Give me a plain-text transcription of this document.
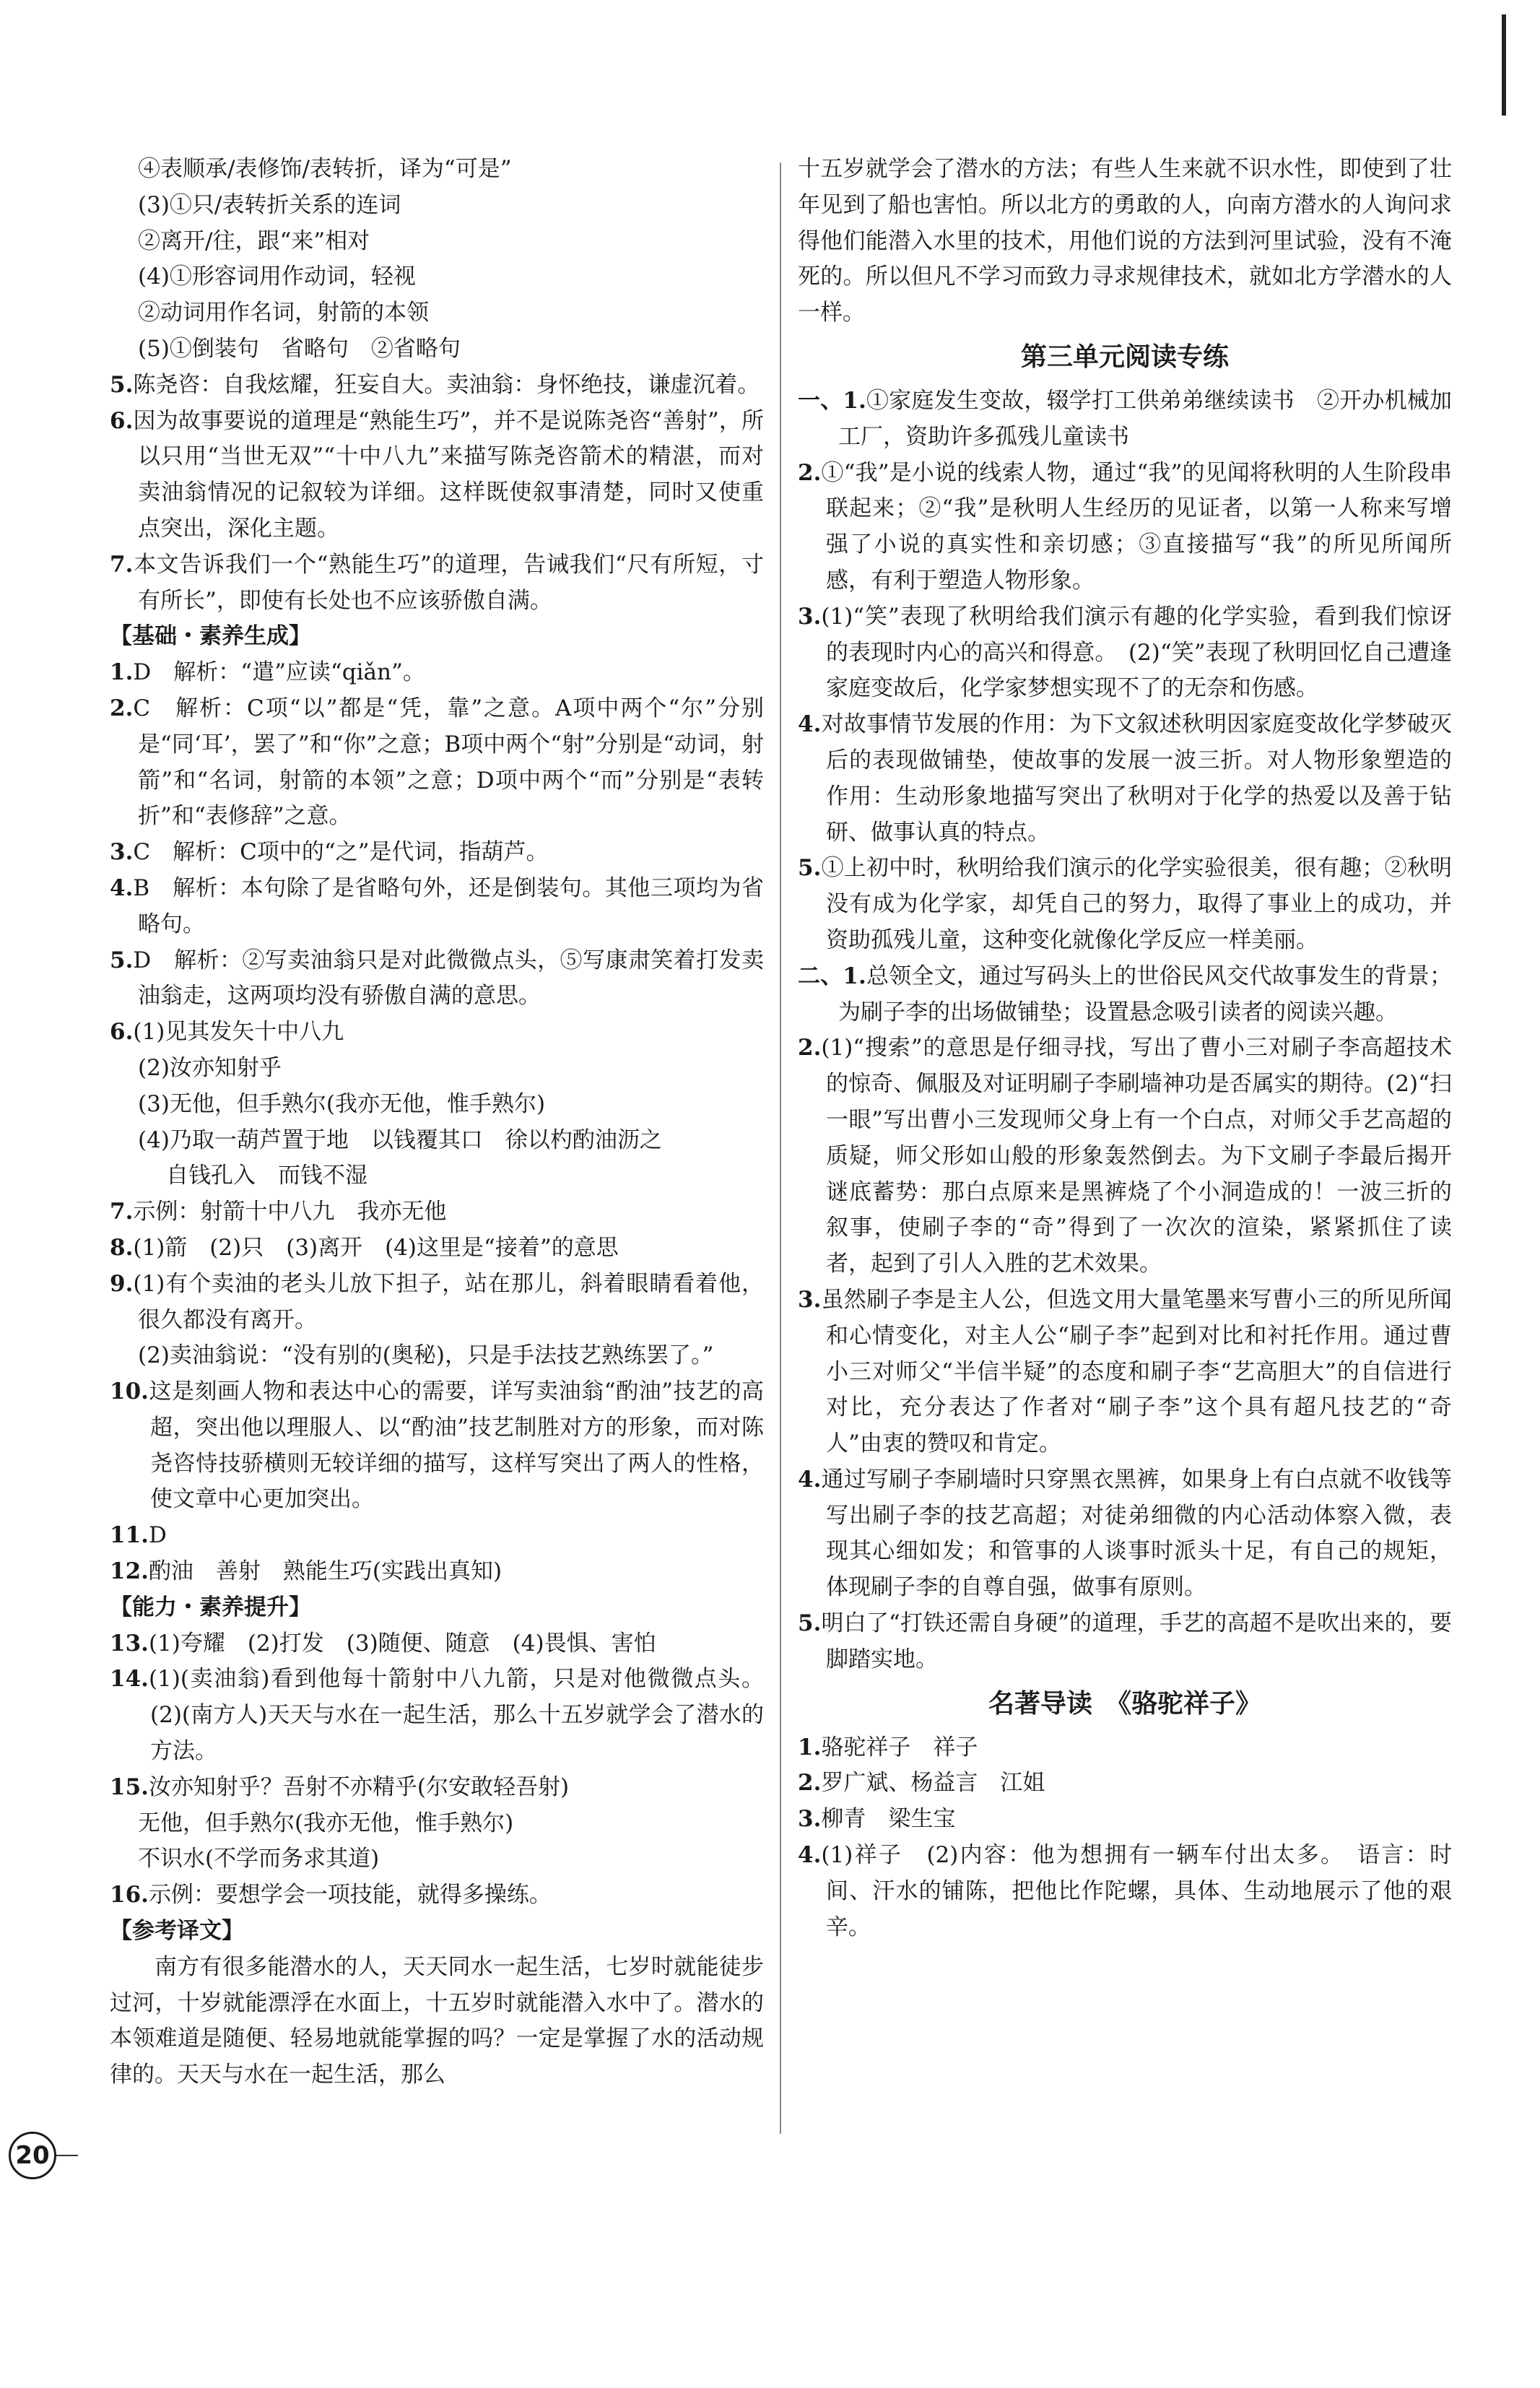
④表顺承/表修饰/表转折，译为“可是”

(3)①只/表转折关系的连词

②离开/往，跟“来”相对

(4)①形容词用作动词，轻视

②动词用作名词，射箭的本领

(5)①倒装句　省略句　②省略句

5.陈尧咨：自我炫耀，狂妄自大。卖油翁：身怀绝技，谦虚沉着。

6.因为故事要说的道理是“熟能生巧”，并不是说陈尧咨“善射”，所以只用“当世无双”“十中八九”来描写陈尧咨箭术的精湛，而对卖油翁情况的记叙较为详细。这样既使叙事清楚，同时又使重点突出，深化主题。

7.本文告诉我们一个“熟能生巧”的道理，告诫我们“尺有所短，寸有所长”，即使有长处也不应该骄傲自满。

【基础・素养生成】

1.D　解析：“遣”应读“qiǎn”。

2.C　解析：C项“以”都是“凭，靠”之意。A项中两个“尔”分别是“同‘耳’，罢了”和“你”之意；B项中两个“射”分别是“动词，射箭”和“名词，射箭的本领”之意；D项中两个“而”分别是“表转折”和“表修辞”之意。

3.C　解析：C项中的“之”是代词，指葫芦。

4.B　解析：本句除了是省略句外，还是倒装句。其他三项均为省略句。

5.D　解析：②写卖油翁只是对此微微点头，⑤写康肃笑着打发卖油翁走，这两项均没有骄傲自满的意思。

6.(1)见其发矢十中八九

(2)汝亦知射乎

(3)无他，但手熟尔(我亦无他，惟手熟尔)

(4)乃取一葫芦置于地　以钱覆其口　徐以杓酌油沥之

自钱孔入　而钱不湿

7.示例：射箭十中八九　我亦无他

8.(1)箭　(2)只　(3)离开　(4)这里是“接着”的意思

9.(1)有个卖油的老头儿放下担子，站在那儿，斜着眼睛看着他，很久都没有离开。

(2)卖油翁说：“没有别的(奥秘)，只是手法技艺熟练罢了。”

10.这是刻画人物和表达中心的需要，详写卖油翁“酌油”技艺的高超，突出他以理服人、以“酌油”技艺制胜对方的形象，而对陈尧咨恃技骄横则无较详细的描写，这样写突出了两人的性格，使文章中心更加突出。

11.D

12.酌油　善射　熟能生巧(实践出真知)

【能力・素养提升】

13.(1)夸耀　(2)打发　(3)随便、随意　(4)畏惧、害怕

14.(1)(卖油翁)看到他每十箭射中八九箭，只是对他微微点头。(2)(南方人)天天与水在一起生活，那么十五岁就学会了潜水的方法。

15.汝亦知射乎？吾射不亦精乎(尔安敢轻吾射)

无他，但手熟尔(我亦无他，惟手熟尔)

不识水(不学而务求其道)

16.示例：要想学会一项技能，就得多操练。

【参考译文】

南方有很多能潜水的人，天天同水一起生活，七岁时就能徒步过河，十岁就能漂浮在水面上，十五岁时就能潜入水中了。潜水的本领难道是随便、轻易地就能掌握的吗？一定是掌握了水的活动规律的。天天与水在一起生活，那么

十五岁就学会了潜水的方法；有些人生来就不识水性，即使到了壮年见到了船也害怕。所以北方的勇敢的人，向南方潜水的人询问求得他们能潜入水里的技术，用他们说的方法到河里试验，没有不淹死的。所以但凡不学习而致力寻求规律技术，就如北方学潜水的人一样。

第三单元阅读专练

一、1.①家庭发生变故，辍学打工供弟弟继续读书　②开办机械加工厂，资助许多孤残儿童读书

2.①“我”是小说的线索人物，通过“我”的见闻将秋明的人生阶段串联起来；②“我”是秋明人生经历的见证者，以第一人称来写增强了小说的真实性和亲切感；③直接描写“我”的所见所闻所感，有利于塑造人物形象。

3.(1)“笑”表现了秋明给我们演示有趣的化学实验，看到我们惊讶的表现时内心的高兴和得意。　(2)“笑”表现了秋明回忆自己遭逢家庭变故后，化学家梦想实现不了的无奈和伤感。

4.对故事情节发展的作用：为下文叙述秋明因家庭变故化学梦破灭后的表现做铺垫，使故事的发展一波三折。对人物形象塑造的作用：生动形象地描写突出了秋明对于化学的热爱以及善于钻研、做事认真的特点。

5.①上初中时，秋明给我们演示的化学实验很美，很有趣；②秋明没有成为化学家，却凭自己的努力，取得了事业上的成功，并资助孤残儿童，这种变化就像化学反应一样美丽。

二、1.总领全文，通过写码头上的世俗民风交代故事发生的背景；为刷子李的出场做铺垫；设置悬念吸引读者的阅读兴趣。

2.(1)“搜索”的意思是仔细寻找，写出了曹小三对刷子李高超技术的惊奇、佩服及对证明刷子李刷墙神功是否属实的期待。(2)“扫一眼”写出曹小三发现师父身上有一个白点，对师父手艺高超的质疑，师父形如山般的形象轰然倒去。为下文刷子李最后揭开谜底蓄势：那白点原来是黑裤烧了个小洞造成的！一波三折的叙事，使刷子李的“奇”得到了一次次的渲染，紧紧抓住了读者，起到了引人入胜的艺术效果。

3.虽然刷子李是主人公，但选文用大量笔墨来写曹小三的所见所闻和心情变化，对主人公“刷子李”起到对比和衬托作用。通过曹小三对师父“半信半疑”的态度和刷子李“艺高胆大”的自信进行对比，充分表达了作者对“刷子李”这个具有超凡技艺的“奇人”由衷的赞叹和肯定。

4.通过写刷子李刷墙时只穿黑衣黑裤，如果身上有白点就不收钱等写出刷子李的技艺高超；对徒弟细微的内心活动体察入微，表现其心细如发；和管事的人谈事时派头十足，有自己的规矩，体现刷子李的自尊自强，做事有原则。

5.明白了“打铁还需自身硬”的道理，手艺的高超不是吹出来的，要脚踏实地。

名著导读　《骆驼祥子》

1.骆驼祥子　祥子

2.罗广斌、杨益言　江姐

3.柳青　梁生宝

4.(1)祥子　(2)内容：他为想拥有一辆车付出太多。　语言：时间、汗水的铺陈，把他比作陀螺，具体、生动地展示了他的艰辛。

20
